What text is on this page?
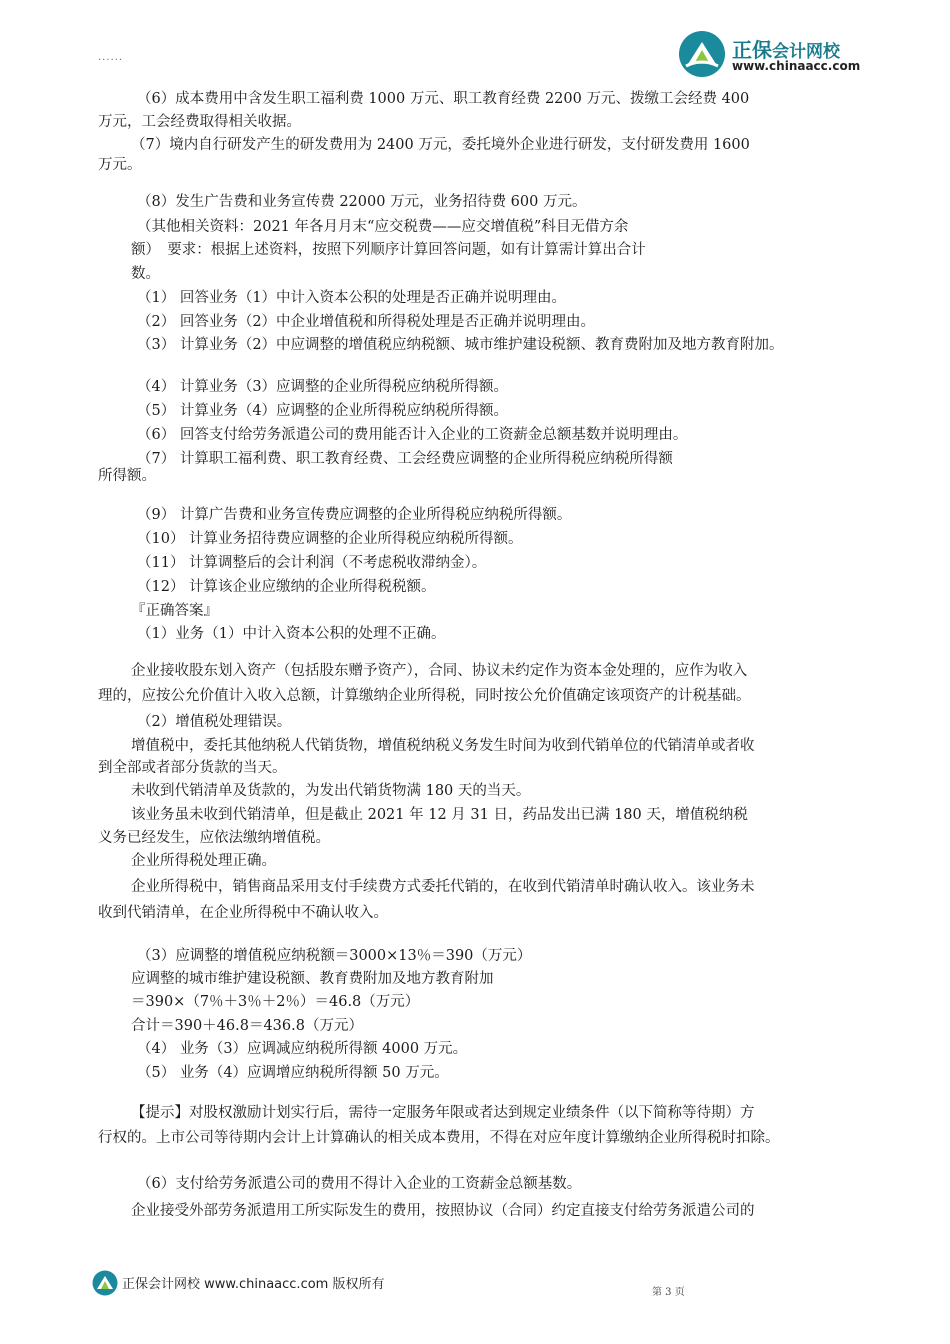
正保会计网校
www.chinaacc.com
......
（6）成本费用中含发生职工福利费 1000 万元、职工教育经费 2200 万元、拨缴工会经费 400
万元，工会经费取得相关收据。
（7）境内自行研发产生的研发费用为 2400 万元，委托境外企业进行研发，支付研发费用 1600
万元。
（8）发生广告费和业务宣传费 22000 万元，业务招待费 600 万元。
（其他相关资料：2021 年各月月末“应交税费——应交增值税”科目无借方余
额）　要求：根据上述资料，按照下列顺序计算回答问题，如有计算需计算出合计
数。
（1） 回答业务（1）中计入资本公积的处理是否正确并说明理由。
（2） 回答业务（2）中企业增值税和所得税处理是否正确并说明理由。
（3） 计算业务（2）中应调整的增值税应纳税额、城市维护建设税额、教育费附加及地方教育附加。
（4） 计算业务（3）应调整的企业所得税应纳税所得额。
（5） 计算业务（4）应调整的企业所得税应纳税所得额。
（6） 回答支付给劳务派遣公司的费用能否计入企业的工资薪金总额基数并说明理由。
（7） 计算职工福利费、职工教育经费、工会经费应调整的企业所得税应纳税所得额
所得额。
（9） 计算广告费和业务宣传费应调整的企业所得税应纳税所得额。
（10） 计算业务招待费应调整的企业所得税应纳税所得额。
（11） 计算调整后的会计利润（不考虑税收滞纳金）。
（12） 计算该企业应缴纳的企业所得税税额。
『正确答案』
（1）业务（1）中计入资本公积的处理不正确。
企业接收股东划入资产（包括股东赠予资产），合同、协议未约定作为资本金处理的，应作为收入
理的，应按公允价值计入收入总额，计算缴纳企业所得税，同时按公允价值确定该项资产的计税基础。
（2）增值税处理错误。
增值税中，委托其他纳税人代销货物，增值税纳税义务发生时间为收到代销单位的代销清单或者收
到全部或者部分货款的当天。
未收到代销清单及货款的，为发出代销货物满 180 天的当天。
该业务虽未收到代销清单，但是截止 2021 年 12 月 31 日，药品发出已满 180 天，增值税纳税
义务已经发生，应依法缴纳增值税。
企业所得税处理正确。
企业所得税中，销售商品采用支付手续费方式委托代销的，在收到代销清单时确认收入。该业务未
收到代销清单，在企业所得税中不确认收入。
（3）应调整的增值税应纳税额＝3000×13％＝390（万元）
应调整的城市维护建设税额、教育费附加及地方教育附加
＝390×（7％＋3％＋2％）＝46.8（万元）
合计＝390＋46.8＝436.8（万元）
（4） 业务（3）应调减应纳税所得额 4000 万元。
（5） 业务（4）应调增应纳税所得额 50 万元。
【提示】对股权激励计划实行后，需待一定服务年限或者达到规定业绩条件（以下简称等待期）方
行权的。上市公司等待期内会计上计算确认的相关成本费用，不得在对应年度计算缴纳企业所得税时扣除。
（6）支付给劳务派遣公司的费用不得计入企业的工资薪金总额基数。
企业接受外部劳务派遣用工所实际发生的费用，按照协议（合同）约定直接支付给劳务派遣公司的
正保会计网校 www.chinaacc.com 版权所有
第 3 页
